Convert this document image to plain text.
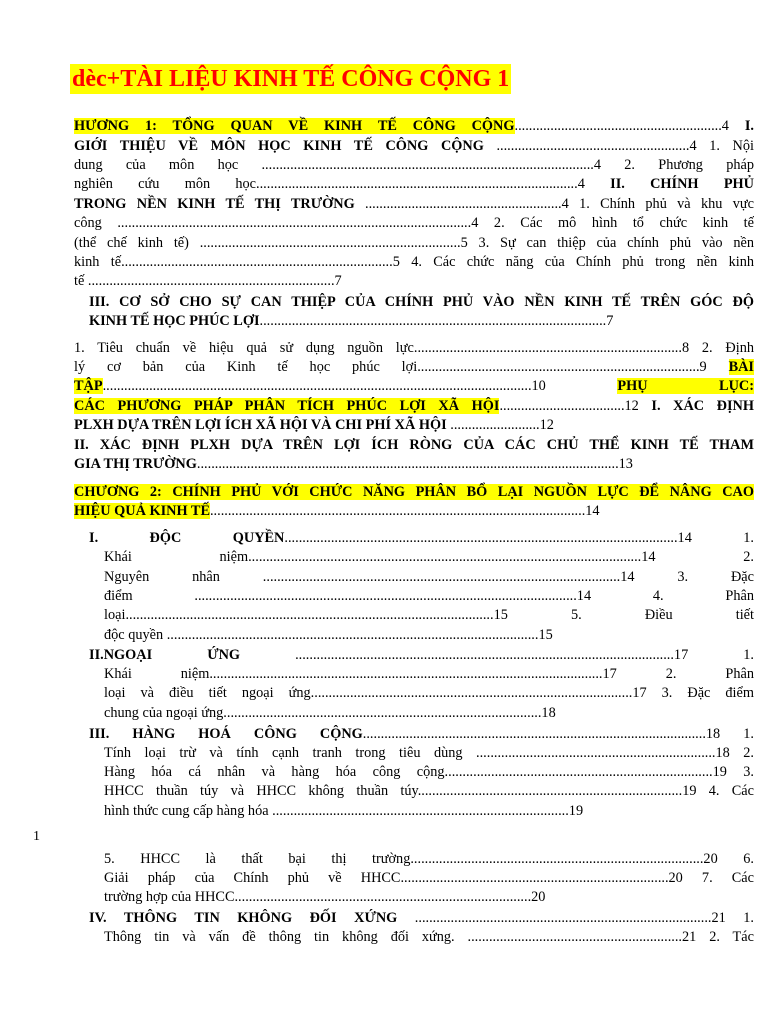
dèc+TÀI LIỆU KINH TẾ CÔNG CỘNG 1
HƯƠNG 1: TỔNG QUAN VỀ KINH TẾ CÔNG CỘNG..........................................................4 I.
GIỚI THIỆU VỀ MÔN HỌC KINH TẾ CÔNG CỘNG ......................................................4 1. Nội
dung của môn học .............................................................................................4 2. Phương pháp
nghiên cứu môn học..........................................................................................4 II. CHÍNH PHỦ
TRONG NỀN KINH TẾ THỊ TRƯỜNG .......................................................4 1. Chính phủ và khu vực
công ...................................................................................................4 2. Các mô hình tổ chức kinh tế
(thể chế kinh tế) .........................................................................5 3. Sự can thiệp của chính phủ vào nền
kinh tế............................................................................5 4. Các chức năng của Chính phủ trong nền kinh
tế .....................................................................7
III. CƠ SỞ CHO SỰ CAN THIỆP CỦA CHÍNH PHỦ VÀO NỀN KINH TẾ TRÊN GÓC ĐỘ
KINH TẾ HỌC PHÚC LỢI.................................................................................................7
1. Tiêu chuẩn về hiệu quả sử dụng nguồn lực...........................................................................8 2. Định
lý cơ bản của Kinh tế học phúc lợi...............................................................................9 BÀI
TẬP........................................................................................................................10 PHỤ LỤC:
CÁC PHƯƠNG PHÁP PHÂN TÍCH PHÚC LỢI XÃ HỘI...................................12 I. XÁC ĐỊNH
PLXH DỰA TRÊN LỢI ÍCH XÃ HỘI VÀ CHI PHÍ XÃ HỘI .........................12
II. XÁC ĐỊNH PLXH DỰA TRÊN LỢI ÍCH RÒNG CỦA CÁC CHỦ THỂ KINH TẾ THAM
GIA THỊ TRƯỜNG......................................................................................................................13
CHƯƠNG 2: CHÍNH PHỦ VỚI CHỨC NĂNG PHÂN BỔ LẠI NGUỒN LỰC ĐỂ NÂNG CAO
HIỆU QUẢ KINH TẾ.........................................................................................................14
I. ĐỘC QUYỀN..............................................................................................................14 1.
Khái niệm..............................................................................................................14 2.
Nguyên nhân ....................................................................................................14 3. Đặc
điểm ...........................................................................................................14 4. Phân
loại.......................................................................................................15 5. Điều tiết
độc quyền ........................................................................................................15
II.NGOẠI ỨNG ..........................................................................................................17 1.
Khái niệm..............................................................................................................17 2. Phân
loại và điều tiết ngoại ứng..........................................................................................17 3. Đặc điểm
chung của ngoại ứng.........................................................................................18
III. HÀNG HOÁ CÔNG CỘNG................................................................................................18 1.
Tính loại trừ và tính cạnh tranh trong tiêu dùng ...................................................................18 2.
Hàng hóa cá nhân và hàng hóa công cộng...........................................................................19 3.
HHCC thuần túy và HHCC không thuần túy..........................................................................19 4. Các
hình thức cung cấp hàng hóa ...................................................................................19
5. HHCC là thất bại thị trường..................................................................................20 6.
Giải pháp của Chính phủ về HHCC...........................................................................20 7. Các
trường hợp của HHCC...................................................................................20
IV. THÔNG TIN KHÔNG ĐỐI XỨNG ...................................................................................21 1.
Thông tin và vấn đề thông tin không đối xứng. ............................................................21 2. Tác
1
